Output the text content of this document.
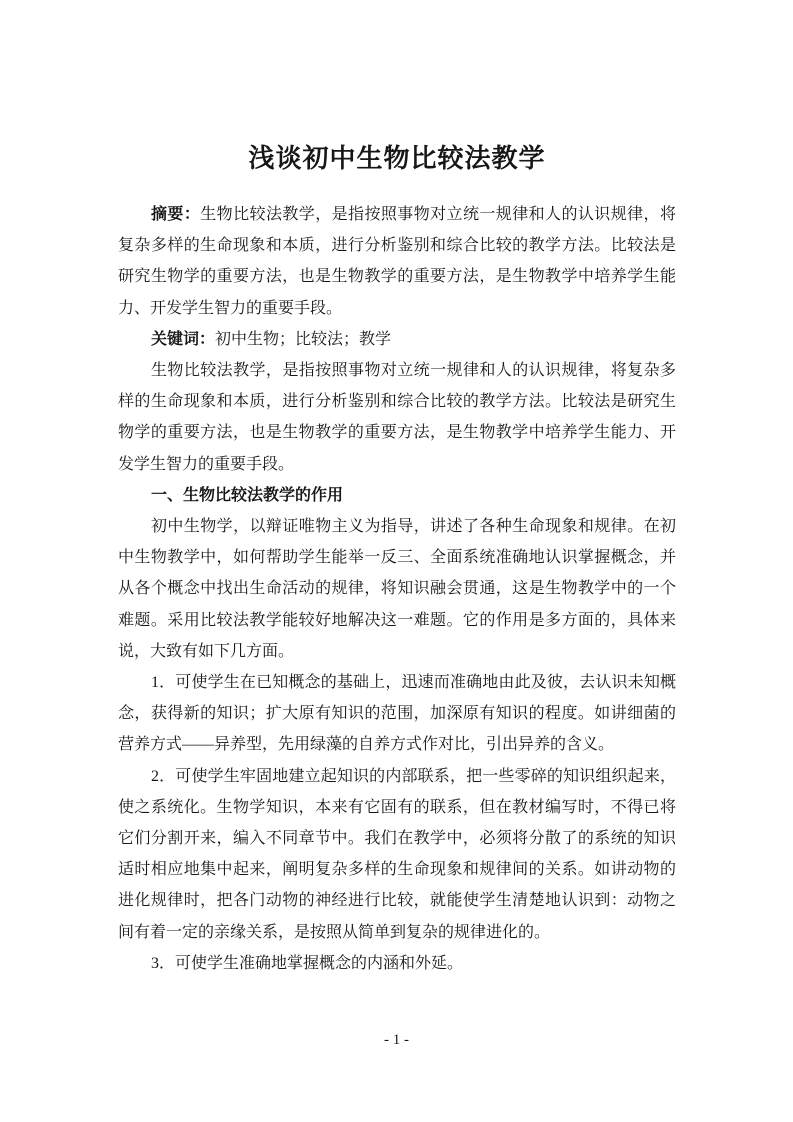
浅谈初中生物比较法教学

摘要：生物比较法教学，是指按照事物对立统一规律和人的认识规律，将复杂多样的生命现象和本质，进行分析鉴别和综合比较的教学方法。比较法是研究生物学的重要方法，也是生物教学的重要方法，是生物教学中培养学生能力、开发学生智力的重要手段。

关键词：初中生物；比较法；教学

生物比较法教学，是指按照事物对立统一规律和人的认识规律，将复杂多样的生命现象和本质，进行分析鉴别和综合比较的教学方法。比较法是研究生物学的重要方法，也是生物教学的重要方法，是生物教学中培养学生能力、开发学生智力的重要手段。

一、生物比较法教学的作用

初中生物学，以辩证唯物主义为指导，讲述了各种生命现象和规律。在初中生物教学中，如何帮助学生能举一反三、全面系统准确地认识掌握概念，并从各个概念中找出生命活动的规律，将知识融会贯通，这是生物教学中的一个难题。采用比较法教学能较好地解决这一难题。它的作用是多方面的，具体来说，大致有如下几方面。

1．可使学生在已知概念的基础上，迅速而准确地由此及彼，去认识未知概念，获得新的知识；扩大原有知识的范围，加深原有知识的程度。如讲细菌的营养方式——异养型，先用绿藻的自养方式作对比，引出异养的含义。

2．可使学生牢固地建立起知识的内部联系，把一些零碎的知识组织起来，使之系统化。生物学知识，本来有它固有的联系，但在教材编写时，不得已将它们分割开来，编入不同章节中。我们在教学中，必须将分散了的系统的知识适时相应地集中起来，阐明复杂多样的生命现象和规律间的关系。如讲动物的进化规律时，把各门动物的神经进行比较，就能使学生清楚地认识到：动物之间有着一定的亲缘关系，是按照从简单到复杂的规律进化的。

3．可使学生准确地掌握概念的内涵和外延。

- 1 -
